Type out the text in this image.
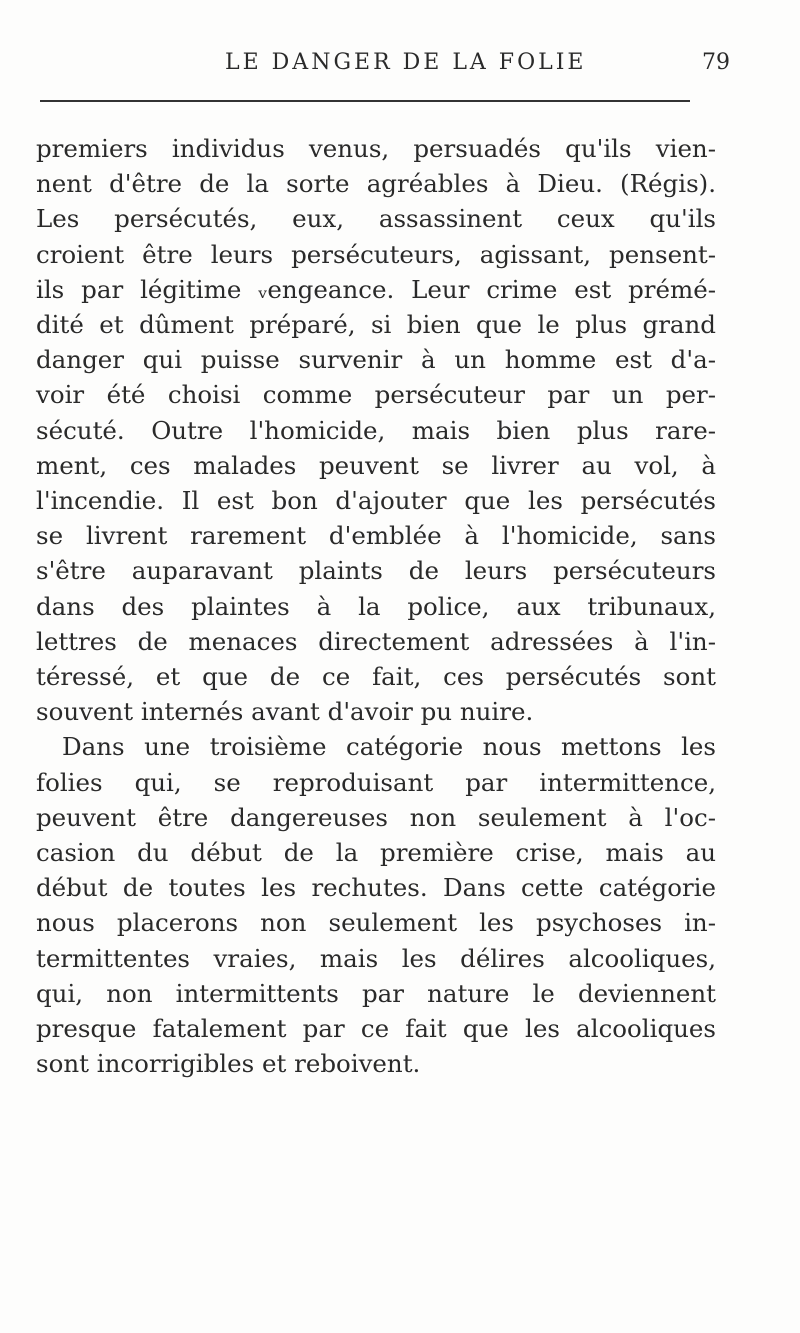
LE DANGER DE LA FOLIE	79
premiers individus venus, persuadés qu'ils vien-
nent d'être de la sorte agréables à Dieu. (Régis).
Les persécutés, eux, assassinent ceux qu'ils
croient être leurs persécuteurs, agissant, pensent-
ils par légitime ᵥengeance. Leur crime est prémé-
dité et dûment préparé, si bien que le plus grand
danger qui puisse survenir à un homme est d'a-
voir été choisi comme persécuteur par un per-
sécuté. Outre l'homicide, mais bien plus rare-
ment, ces malades peuvent se livrer au vol, à
l'incendie. Il est bon d'ajouter que les persécutés
se livrent rarement d'emblée à l'homicide, sans
s'être auparavant plaints de leurs persécuteurs
dans des plaintes à la police, aux tribunaux,
lettres de menaces directement adressées à l'in-
téressé, et que de ce fait, ces persécutés sont
souvent internés avant d'avoir pu nuire.
Dans une troisième catégorie nous mettons les
folies qui, se reproduisant par intermittence,
peuvent être dangereuses non seulement à l'oc-
casion du début de la première crise, mais au
début de toutes les rechutes. Dans cette catégorie
nous placerons non seulement les psychoses in-
termittentes vraies, mais les délires alcooliques,
qui, non intermittents par nature le deviennent
presque fatalement par ce fait que les alcooliques
sont incorrigibles et reboivent.
